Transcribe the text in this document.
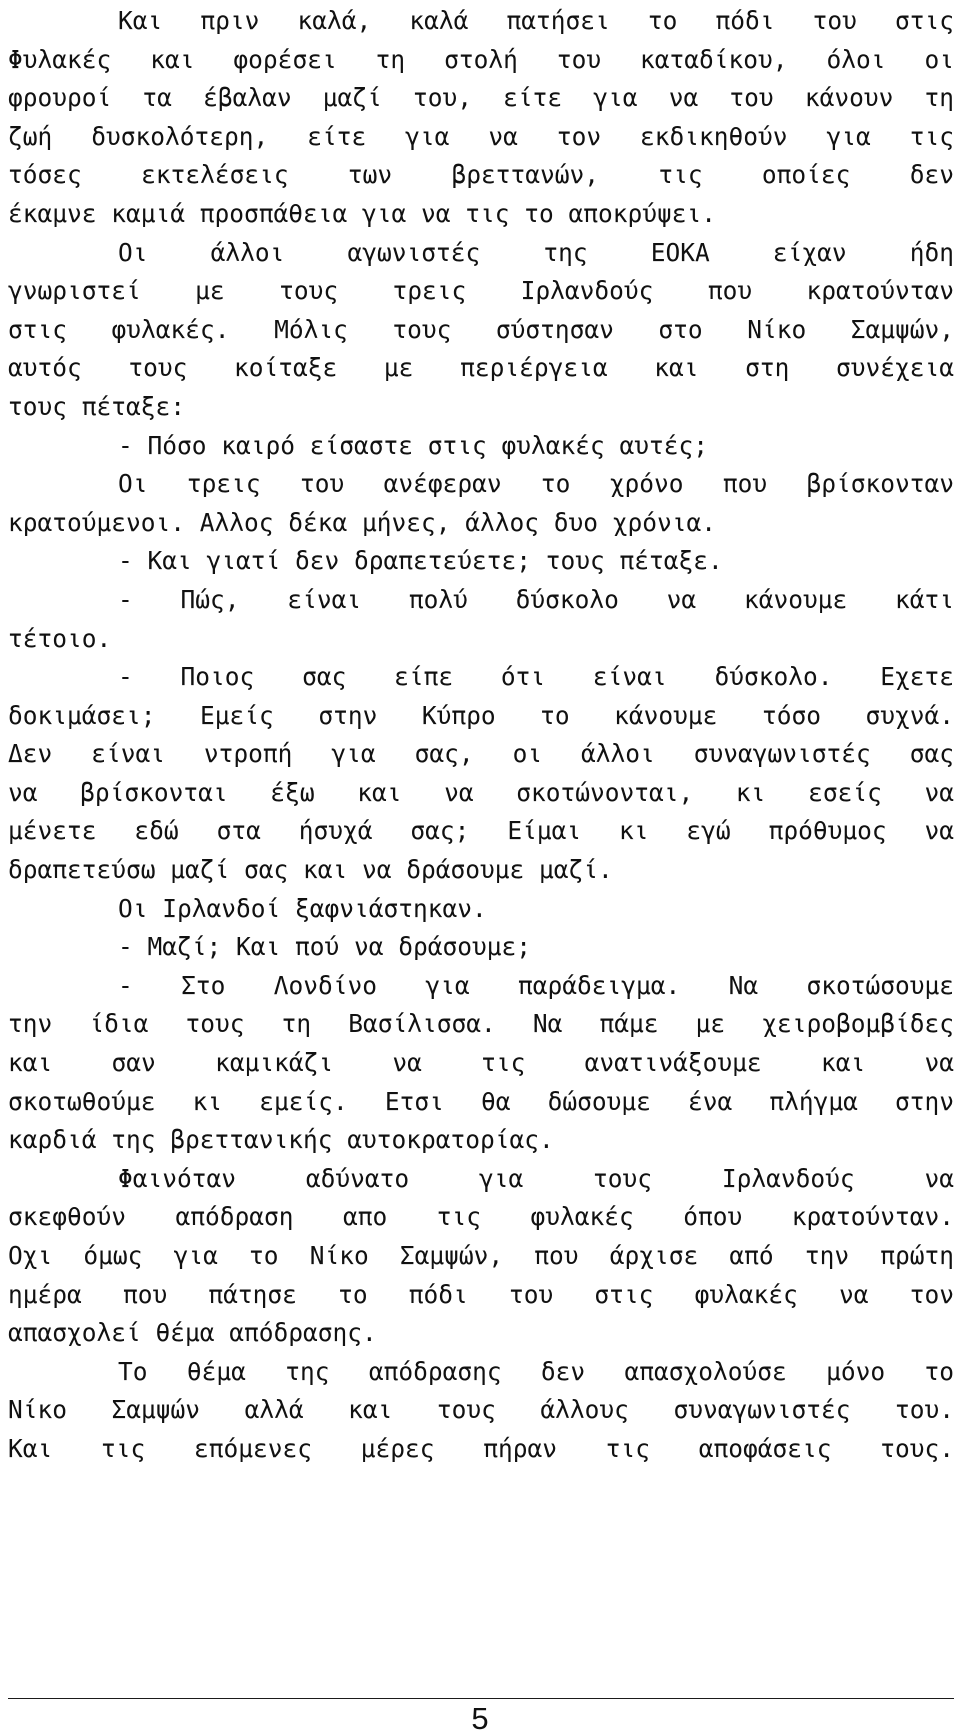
Και πριν καλά, καλά πατήσει το πόδι του στις
Φυλακές και φορέσει τη στολή του καταδίκου, όλοι οι
φρουροί τα έβαλαν μαζί του, είτε για να του κάνουν τη
ζωή δυσκολότερη, είτε για να τον εκδικηθούν για τις
τόσες εκτελέσεις των βρεττανών, τις οποίες δεν
έκαμνε καμιά προσπάθεια για να τις το αποκρύψει.
Οι άλλοι αγωνιστές της ΕΟΚΑ είχαν ήδη
γνωριστεί με τους τρεις Ιρλανδούς που κρατούνταν
στις φυλακές. Μόλις τους σύστησαν στο Νίκο Σαμψών,
αυτός τους κοίταξε με περιέργεια και στη συνέχεια
τους πέταξε:
- Πόσο καιρό είσαστε στις φυλακές αυτές;
Οι τρεις του ανέφεραν το χρόνο που βρίσκονταν
κρατούμενοι. Αλλος δέκα μήνες, άλλος δυο χρόνια.
- Και γιατί δεν δραπετεύετε; τους πέταξε.
- Πώς, είναι πολύ δύσκολο να κάνουμε κάτι
τέτοιο.
- Ποιος σας είπε ότι είναι δύσκολο. Εχετε
δοκιμάσει; Εμείς στην Κύπρο το κάνουμε τόσο συχνά.
Δεν είναι ντροπή για σας, οι άλλοι συναγωνιστές σας
να βρίσκονται έξω και να σκοτώνονται, κι εσείς να
μένετε εδώ στα ήσυχά σας; Είμαι κι εγώ πρόθυμος να
δραπετεύσω μαζί σας και να δράσουμε μαζί.
Οι Ιρλανδοί ξαφνιάστηκαν.
- Μαζί; Και πού να δράσουμε;
- Στο Λονδίνο για παράδειγμα. Να σκοτώσουμε
την ίδια τους τη Βασίλισσα. Να πάμε με χειροβομβίδες
και σαν καμικάζι να τις ανατινάξουμε και να
σκοτωθούμε κι εμείς. Ετσι θα δώσουμε ένα πλήγμα στην
καρδιά της βρεττανικής αυτοκρατορίας.
Φαινόταν αδύνατο για τους Ιρλανδούς να
σκεφθούν απόδραση απο τις φυλακές όπου κρατούνταν.
Οχι όμως για το Νίκο Σαμψών, που άρχισε από την πρώτη
ημέρα που πάτησε το πόδι του στις φυλακές να τον
απασχολεί θέμα απόδρασης.
Το θέμα της απόδρασης δεν απασχολούσε μόνο το
Νίκο Σαμψών αλλά και τους άλλους συναγωνιστές του.
Και τις επόμενες μέρες πήραν τις αποφάσεις τους.
5
